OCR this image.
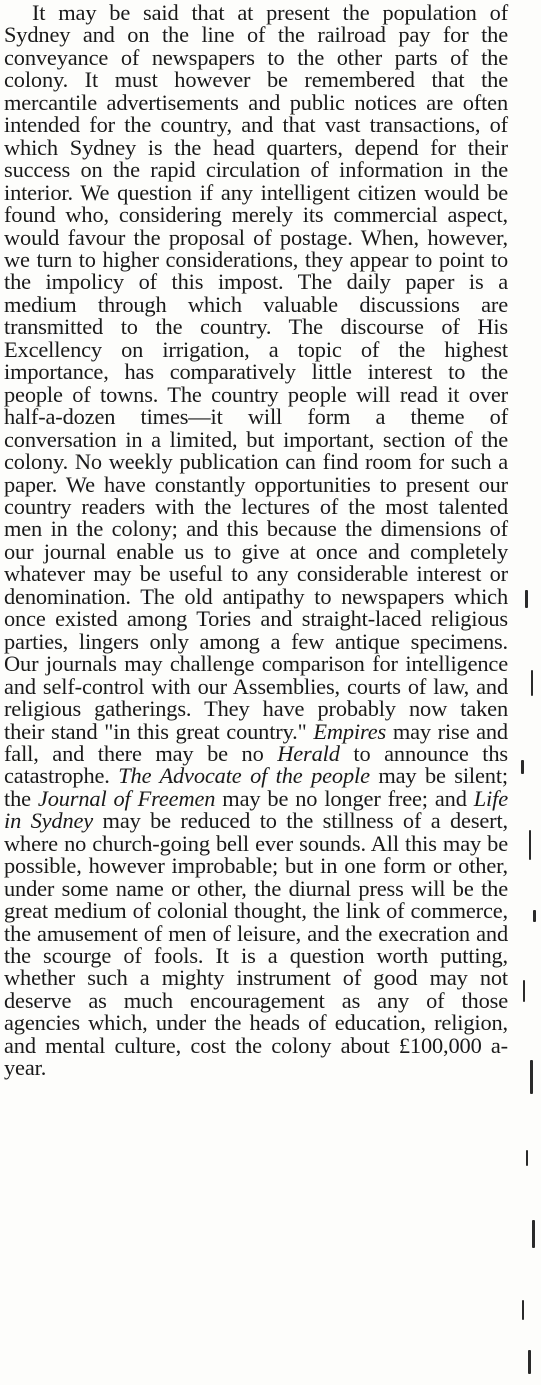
It may be said that at present the population of Sydney and on the line of the railroad pay for the conveyance of newspapers to the other parts of the colony. It must however be remembered that the mercantile advertisements and public notices are often intended for the country, and that vast transactions, of which Sydney is the head quarters, depend for their success on the rapid circulation of information in the interior. We question if any intelligent citizen would be found who, considering merely its commercial aspect, would favour the proposal of postage. When, however, we turn to higher considerations, they appear to point to the impolicy of this impost. The daily paper is a medium through which valuable discussions are transmitted to the country. The discourse of His Excellency on irrigation, a topic of the highest importance, has comparatively little interest to the people of towns. The country people will read it over half-a-dozen times—it will form a theme of conversation in a limited, but important, section of the colony. No weekly publication can find room for such a paper. We have constantly opportunities to present our country readers with the lectures of the most talented men in the colony; and this because the dimensions of our journal enable us to give at once and completely whatever may be useful to any considerable interest or denomination. The old antipathy to newspapers which once existed among Tories and straight-laced religious parties, lingers only among a few antique specimens. Our journals may challenge comparison for intelligence and self-control with our Assemblies, courts of law, and religious gatherings. They have probably now taken their stand "in this great country." Empires may rise and fall, and there may be no Herald to announce ths catastrophe. The Advocate of the people may be silent; the Journal of Freemen may be no longer free; and Life in Sydney may be reduced to the stillness of a desert, where no church-going bell ever sounds. All this may be possible, however improbable; but in one form or other, under some name or other, the diurnal press will be the great medium of colonial thought, the link of commerce, the amusement of men of leisure, and the execration and the scourge of fools. It is a question worth putting, whether such a mighty instrument of good may not deserve as much encouragement as any of those agencies which, under the heads of education, religion, and mental culture, cost the colony about £100,000 a-year.
